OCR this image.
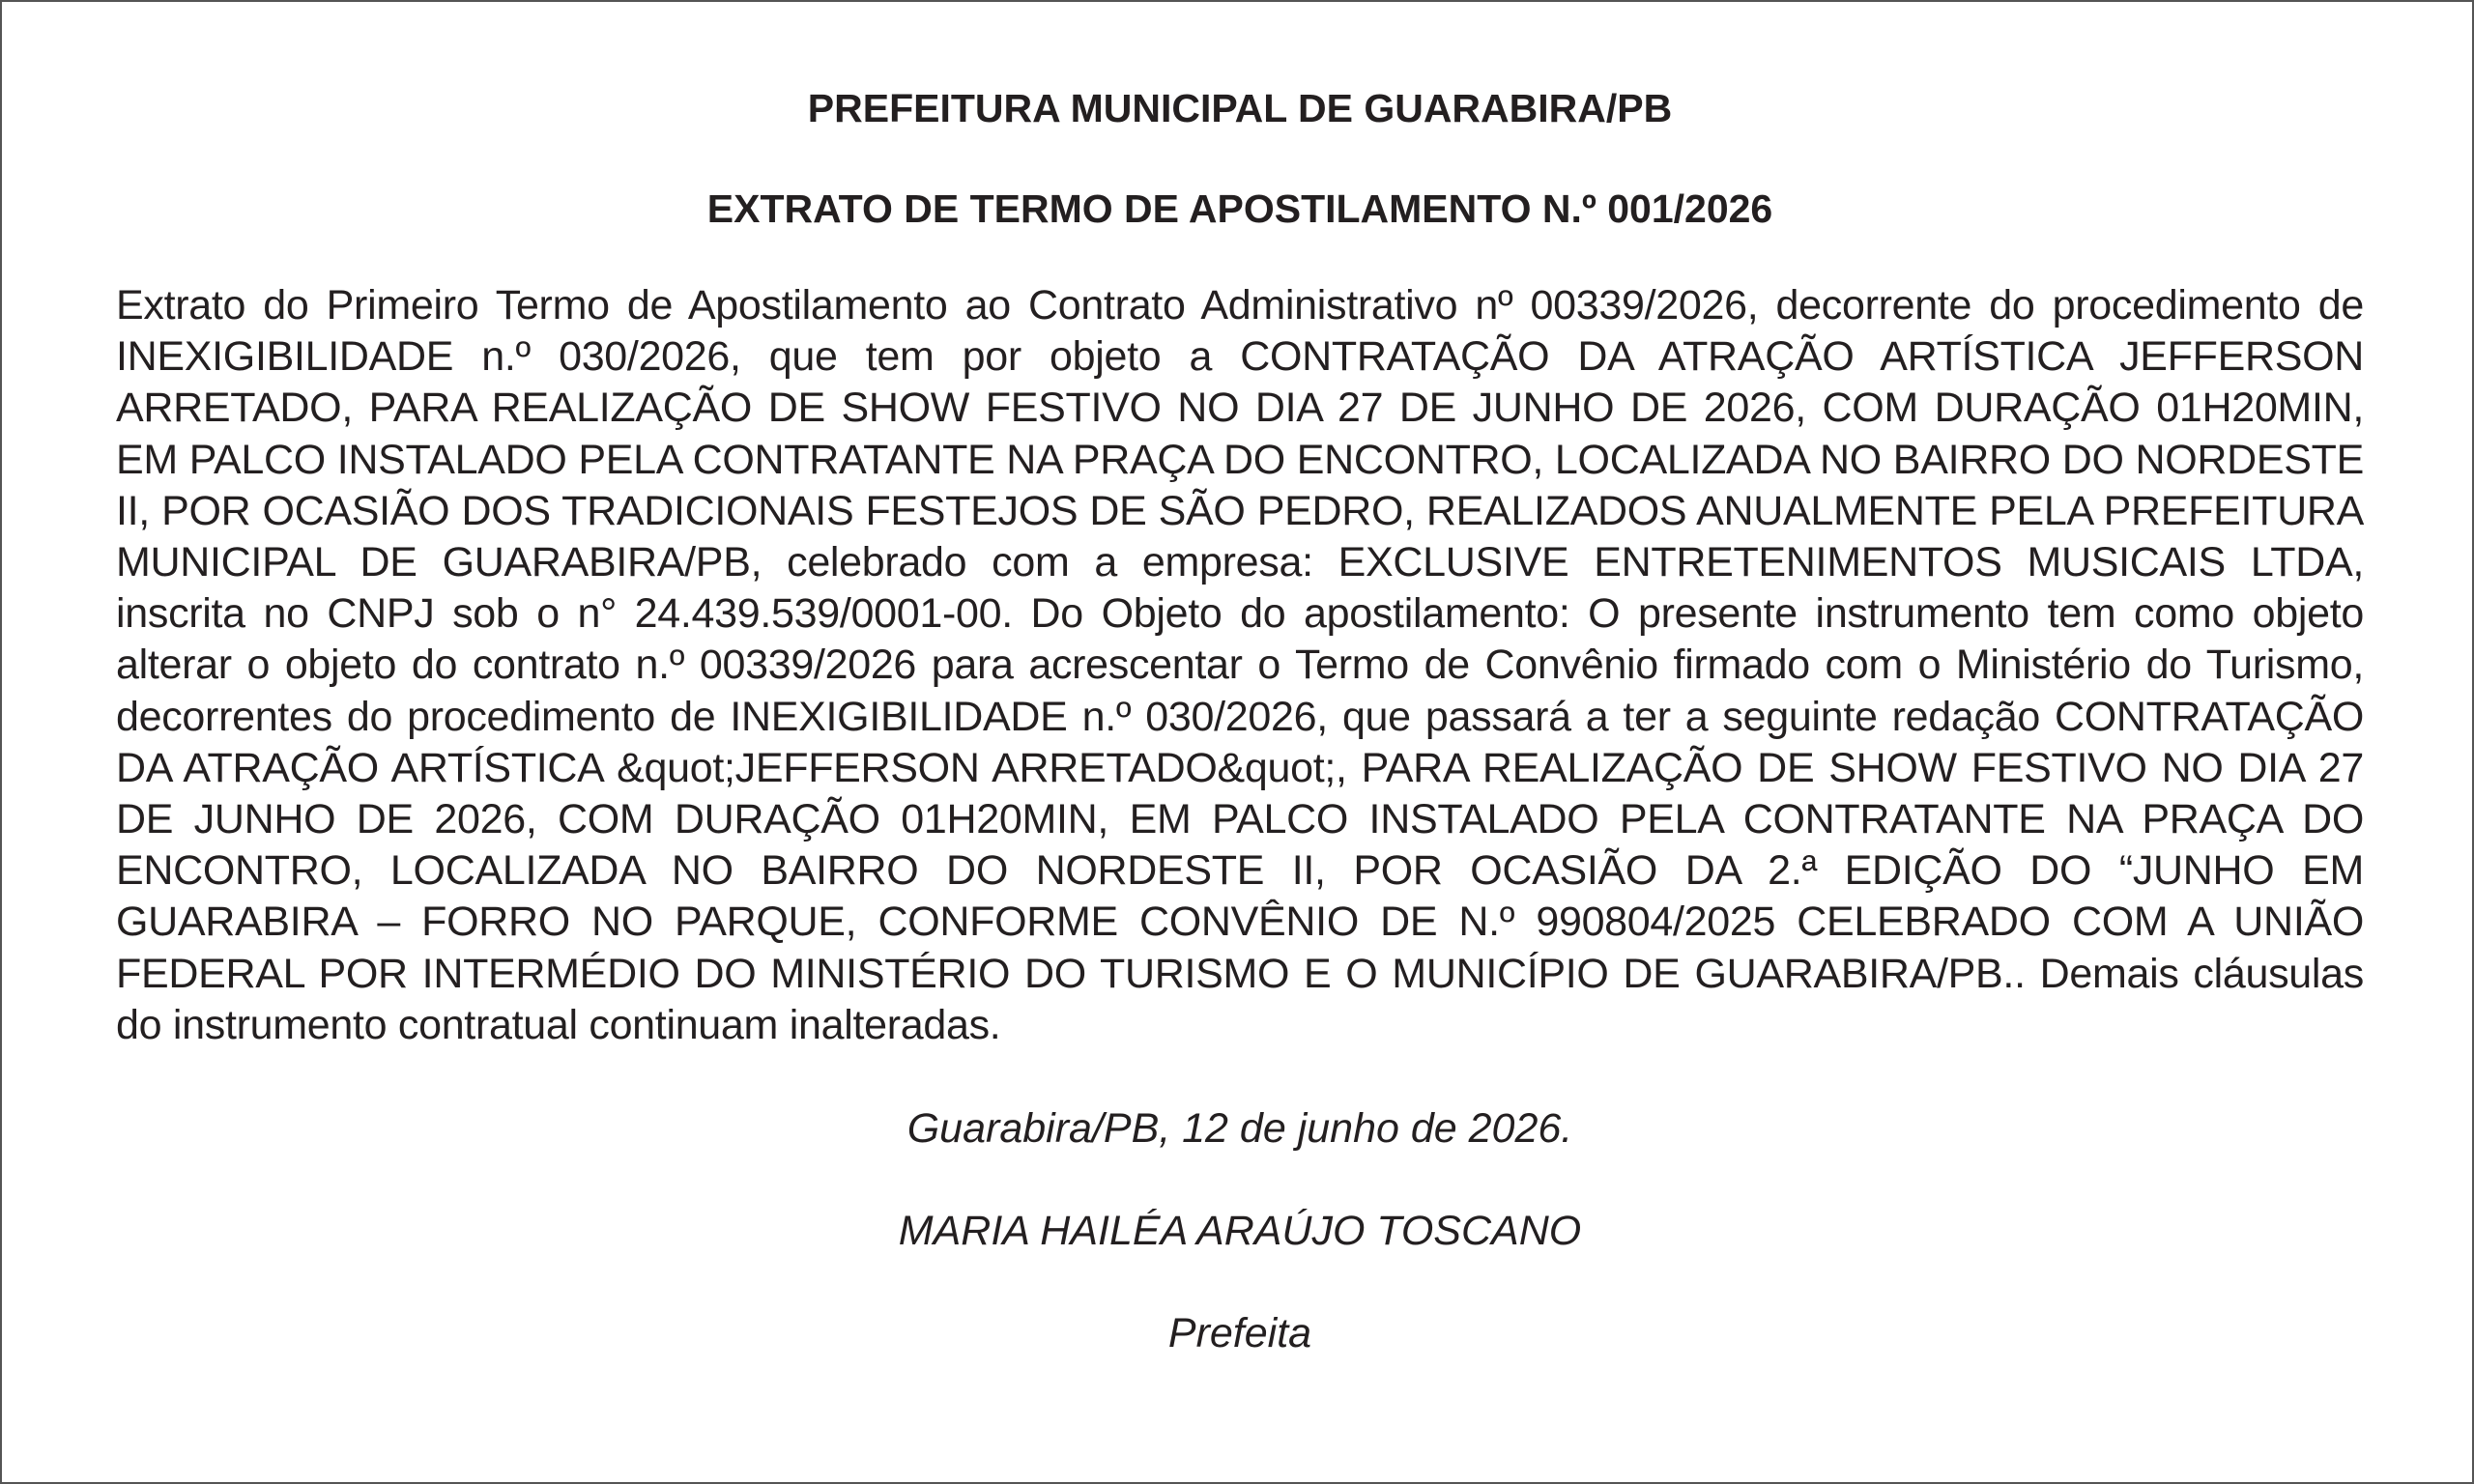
PREFEITURA MUNICIPAL DE GUARABIRA/PB

EXTRATO DE TERMO DE APOSTILAMENTO N.º 001/2026

Extrato do Primeiro Termo de Apostilamento ao Contrato Administrativo nº 00339/2026, decorrente do procedimento de INEXIGIBILIDADE n.º 030/2026, que tem por objeto a CONTRATAÇÃO DA ATRAÇÃO ARTÍSTICA JEFFERSON ARRETADO, PARA REALIZAÇÃO DE SHOW FESTIVO NO DIA 27 DE JUNHO DE 2026, COM DURAÇÃO 01H20MIN, EM PALCO INSTALADO PELA CONTRATANTE NA PRAÇA DO ENCONTRO, LOCALIZADA NO BAIRRO DO NORDESTE II, POR OCASIÃO DOS TRADICIONAIS FESTEJOS DE SÃO PEDRO, REALIZADOS ANUALMENTE PELA PREFEITURA MUNICIPAL DE GUARABIRA/PB, celebrado com a empresa: EXCLUSIVE ENTRETENIMENTOS MUSICAIS LTDA, inscrita no CNPJ sob o n° 24.439.539/0001-00. Do Objeto do apostilamento: O presente instrumento tem como objeto alterar o objeto do contrato n.º 00339/2026 para acrescentar o Termo de Convênio firmado com o Ministério do Turismo, decorrentes do procedimento de INEXIGIBILIDADE n.º 030/2026, que passará a ter a seguinte redação CONTRATAÇÃO DA ATRAÇÃO ARTÍSTICA &quot;JEFFERSON ARRETADO&quot;, PARA REALIZAÇÃO DE SHOW FESTIVO NO DIA 27 DE JUNHO DE 2026, COM DURAÇÃO 01H20MIN, EM PALCO INSTALADO PELA CONTRATANTE NA PRAÇA DO ENCONTRO, LOCALIZADA NO BAIRRO DO NORDESTE II, POR OCASIÃO DA 2.ª EDIÇÃO DO “JUNHO EM GUARABIRA – FORRO NO PARQUE, CONFORME CONVÊNIO DE N.º 990804/2025 CELEBRADO COM A UNIÃO FEDERAL POR INTERMÉDIO DO MINISTÉRIO DO TURISMO E O MUNICÍPIO DE GUARABIRA/PB.. Demais cláusulas do instrumento contratual continuam inalteradas.

Guarabira/PB, 12 de junho de 2026.

MARIA HAILÉA ARAÚJO TOSCANO

Prefeita
